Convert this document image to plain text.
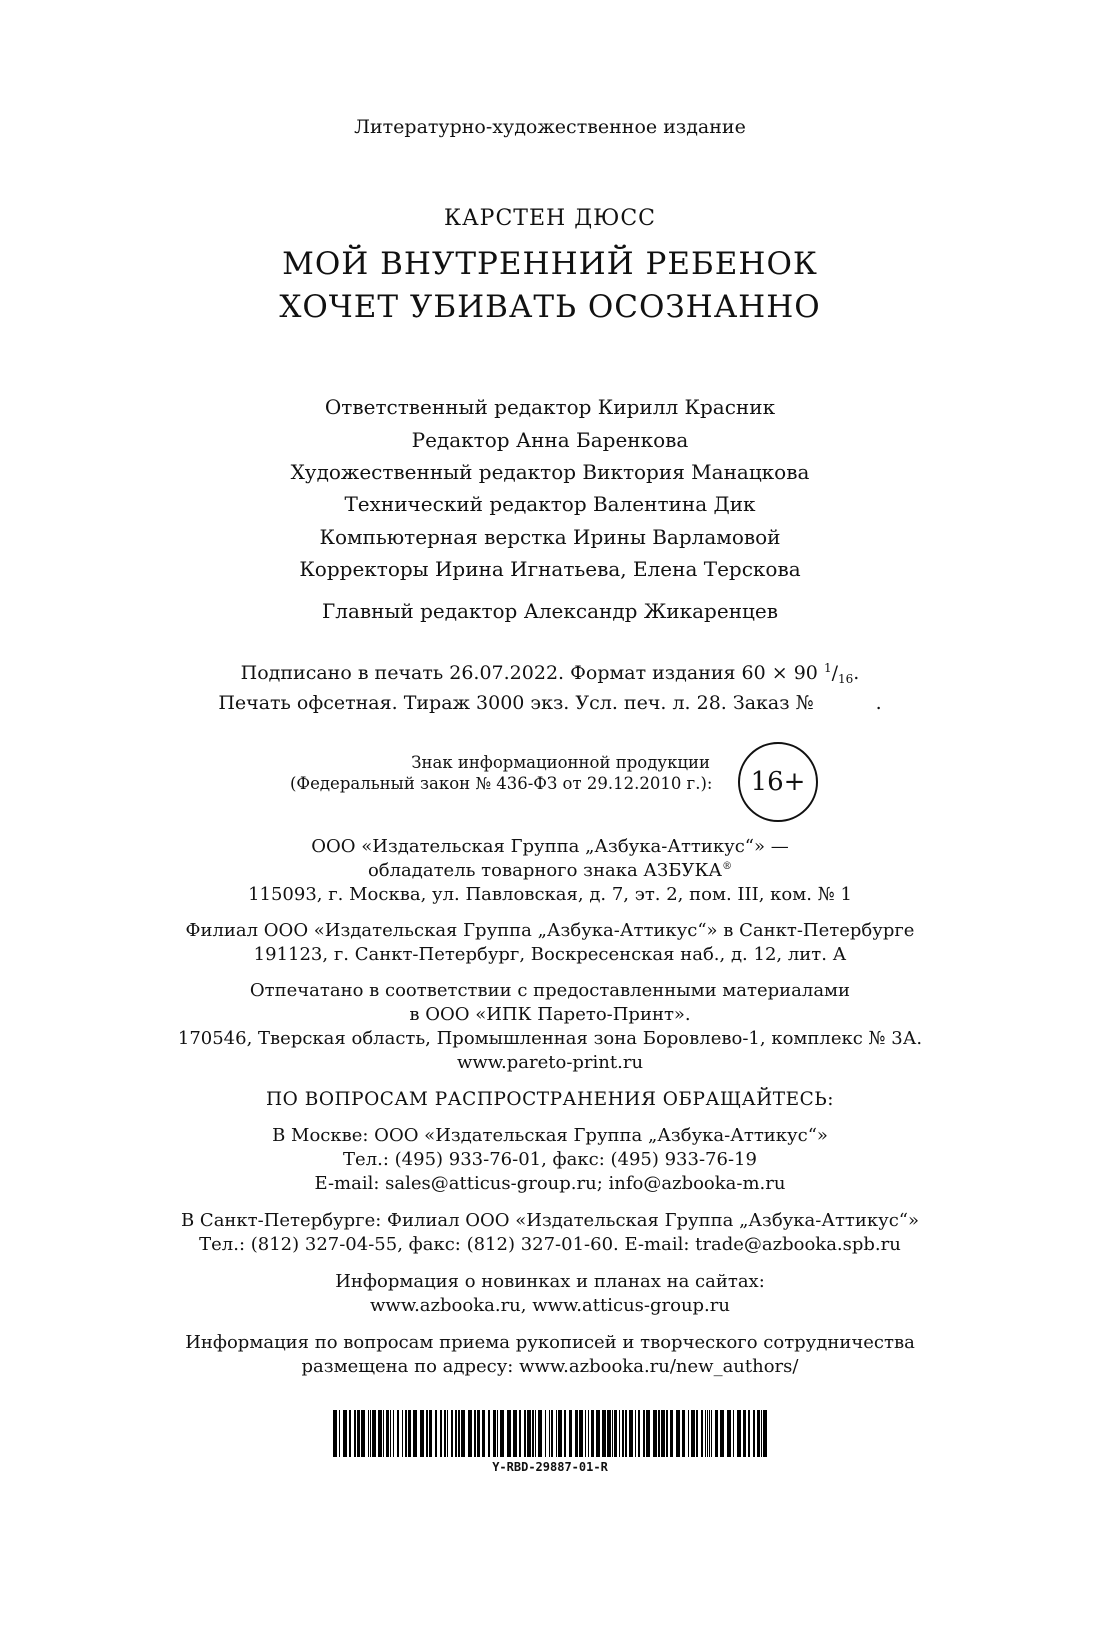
Литературно-художественное издание
КАРСТЕН ДЮСС
МОЙ ВНУТРЕННИЙ РЕБЕНОК
ХОЧЕТ УБИВАТЬ ОСОЗНАННО
Ответственный редактор Кирилл Красник
Редактор Анна Баренкова
Художественный редактор Виктория Манацкова
Технический редактор Валентина Дик
Компьютерная верстка Ирины Варламовой
Корректоры Ирина Игнатьева, Елена Терскова
Главный редактор Александр Жикаренцев
Подписано в печать 26.07.2022. Формат издания 60 × 90 $^1/_{16}$.
Печать офсетная. Тираж 3000 экз. Усл. печ. л. 28. Заказ №	.
Знак информационной продукции
(Федеральный закон № 436-ФЗ от 29.12.2010 г.):	16+
ООО «Издательская Группа „Азбука-Аттикус“» —
обладатель товарного знака АЗБУКА®
115093, г. Москва, ул. Павловская, д. 7, эт. 2, пом. III, ком. № 1
Филиал ООО «Издательская Группа „Азбука-Аттикус“» в Санкт-Петербурге
191123, г. Санкт-Петербург, Воскресенская наб., д. 12, лит. А
Отпечатано в соответствии с предоставленными материалами
в ООО «ИПК Парето-Принт».
170546, Тверская область, Промышленная зона Боровлево-1, комплекс № 3А.
www.pareto-print.ru
ПО ВОПРОСАМ РАСПРОСТРАНЕНИЯ ОБРАЩАЙТЕСЬ:
В Москве: ООО «Издательская Группа „Азбука-Аттикус“»
Тел.: (495) 933-76-01, факс: (495) 933-76-19
E-mail: sales@atticus-group.ru; info@azbooka-m.ru
В Санкт-Петербурге: Филиал ООО «Издательская Группа „Азбука-Аттикус“»
Тел.: (812) 327-04-55, факс: (812) 327-01-60. E-mail: trade@azbooka.spb.ru
Информация о новинках и планах на сайтах:
www.azbooka.ru, www.atticus-group.ru
Информация по вопросам приема рукописей и творческого сотрудничества
размещена по адресу: www.azbooka.ru/new_authors/
Y-RBD-29887-01-R
